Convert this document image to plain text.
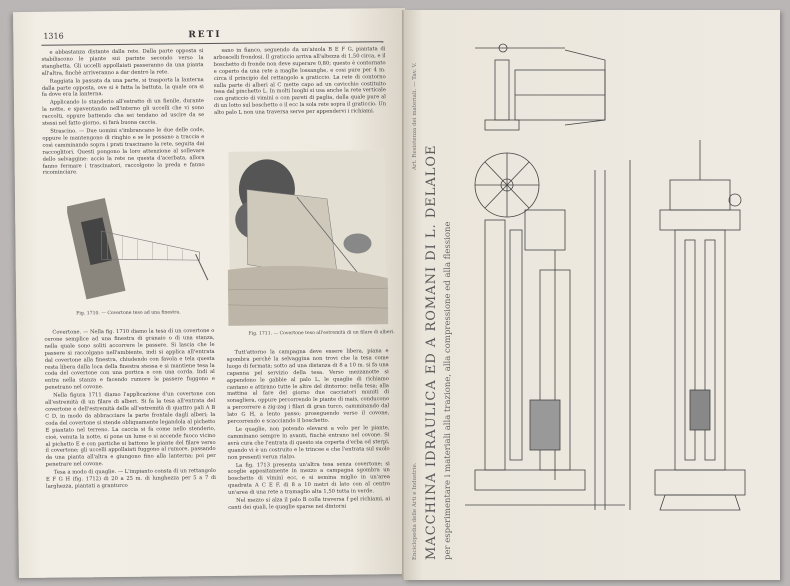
1316	RETI

e abbastanza distante dalla rete. Dalla parte opposta si stabiliscono le piante sui parinte secondo verso la stanghetta. Gli uccelli appollaiati passeranno da una pianta all'altra, finchè arriveranno a dar dentro la rete.

Raggiata la passata da una parte, si trasporta la lanterna dalla parte opposta, ove si è fatta la battuta, la quale ora si fa dove era la lanterna.

Applicando lo standerio all'estratto di un fienile, durante la notte, e spaventando nell'interno gli uccelli che vi sono raccolti, oppure battendo che sei tendano ad uscire da se stessi nel fatto giorno, si farà buona caccia.

Strascino. — Due uomini s'imbrancano le due delle code, oppure le mantengono di ringhio e se le possano a traccia e così camminando sopra i prati trascinano la rete, seguita dai raccoglitori. Questi pongono la loro attenzione al sollevare dello selvaggine: accio la rete ne questa d'acerbata, allora fanno fermare i trascinatori, raccolgono la preda e fanno ricominciare.

sano in fianco, seguendo da un'aiuola B E F G, piantata di arboscelli frondosi. Il graticcio arriva all'altezza di 1,50 circa, e il boschetto di fronde non deve superare 0,80; questo è contornato e coperto da una rete a maglie lossanghe, e cosi pure per 4 m. circa il principio del rettangolo a graticcio. La rete di contorno sulla parte di alberi al C mette capo ad un cavicchio costituito tesa dal pinchetto L. In molti luoghi si usa anche la rete verticale con graticcio di viminì o con pareti di paglia, dalla quale pure al di un lotto sul boschetto o il ecc la sola rete sopra il graticcio. Un alto palo L non una traversa serve per appendervi i richiami.

Fig. 1710. — Covertone teso ad una finestra.
Fig. 1711. — Covertone teso all'estremità di un filare di alberi.

Covertone. — Nella fig. 1710 diamo la tesa di un covertone o cerone semplice ad una finestra di granaio o di una stanza, nella quale sono soliti accorrere le passere. Si lascia che le passere si raccolgano nell'ambiente, indi si applica all'entrata dal covertone alla finestra, chiudendo con favola e tela questa resta libera dalla loca della finestra stessa e si mantiene tesa la coda del covertone con una portica e con una corda. Indi al entra nella stanza e facendo rumore le passere fuggono e penetrano nel covone.

Nella figura 1711 diamo l'applicazione d'un covertone con all'estremità di un filare di alberi. Si fa la tesa all'entrata del covertone e dell'estremità delle all'estremità di quattro pali A B C D, in modo da abbracciare la parte frontale dagli alberi; la coda del covertone si stende obliquamente legandola al pichetto E piantato nel terreno. La caccia si fa come nello stenderio, cioè, venuta la notte, si pone un lume o si accende fuoco vicino al pichetto E e con partiche si battono le piante del filare verso il covertone; gli uccelli appollaiati fuggono al rumore, passando da una pianta all'altra e giungono fino alla lanterna; poi per penetrare nel covone.

Tesa a modo di quaglie. — L'impianto consta di un rettangolo E F G H (fig. 1712) di 20 a 25 m. di lunghezza per 5 a 7 di larghezza, piantati a granturco

Tutt'attorno la campagna deve essere libera, piana e sgombra perché la selvaggina non trovi che la tesa come luogo di fermata; sotto ad una distanza di 8 a 10 m. si fa una capanna pel servizio della tesa. Verso mezzanotte si appendono le gabbie al palo L, le quaglie di richiamo cantano e attirano tutte le altre del dintorno: nella tesa; alla mattina al fare del giorno due cacciatori muniti di sonagliera, oppure percorrendo le piante di mais, conducono a percorrere a zig-zag i filari di gran turco, camminando dal lato G H, a lento passo; proseguendo verso il covone, percorrendo e scacciando il boschetto.

Le quaglie, non potendo elevarsi a volo per le piante, camminano sempre in avanti, finchè entrano nel covone. Si avrà cura che l'entrata di questo sia coperta d'erba od sterpi, quando vi è un costruito e le trincee e che l'entrata sul suolo non presenti verun rialzo.

La fig. 1713 presenta un'altra tesa senza covertone; si scoglie appositamente in mezzo a campagna sgombra un boschetto di viminì ecc, e si semina miglio in un'area quadrata A C E F, di 8 a 10 metri di lato con al centro un'area di una rete a tramaglio alta 1,50 tutta in verde.

Nel mezzo si alza il palo B colla traversa f pel richiami, ai canti dei quali, le quaglie sparse nei dintorni	Enciclopedia delle Arti e Industrie.
Art. Resistenza dei materiali. — Tav. V.
MACCHINA IDRAULICA ED A ROMANI DI L. DELALOE per esperimentare i materiali alla trazione, alla compressione ed alla flessione
